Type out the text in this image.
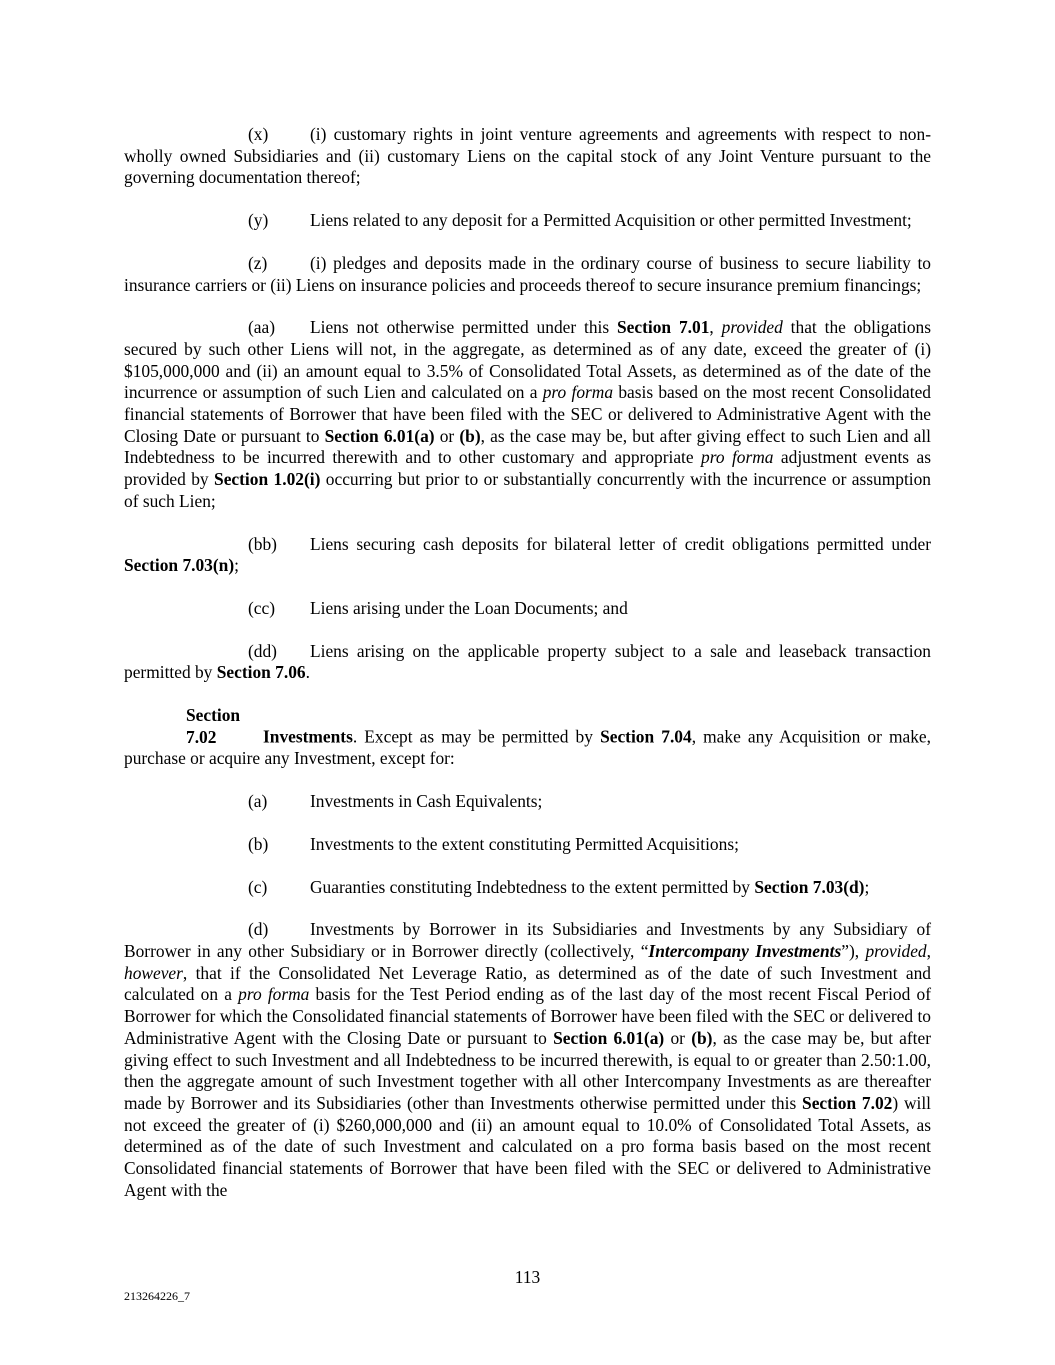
(x) (i) customary rights in joint venture agreements and agreements with respect to non-wholly owned Subsidiaries and (ii) customary Liens on the capital stock of any Joint Venture pursuant to the governing documentation thereof;

(y) Liens related to any deposit for a Permitted Acquisition or other permitted Investment;

(z) (i) pledges and deposits made in the ordinary course of business to secure liability to insurance carriers or (ii) Liens on insurance policies and proceeds thereof to secure insurance premium financings;

(aa) Liens not otherwise permitted under this Section 7.01, provided that the obligations secured by such other Liens will not, in the aggregate, as determined as of any date, exceed the greater of (i) $105,000,000 and (ii) an amount equal to 3.5% of Consolidated Total Assets, as determined as of the date of the incurrence or assumption of such Lien and calculated on a pro forma basis based on the most recent Consolidated financial statements of Borrower that have been filed with the SEC or delivered to Administrative Agent with the Closing Date or pursuant to Section 6.01(a) or (b), as the case may be, but after giving effect to such Lien and all Indebtedness to be incurred therewith and to other customary and appropriate pro forma adjustment events as provided by Section 1.02(i) occurring but prior to or substantially concurrently with the incurrence or assumption of such Lien;

(bb) Liens securing cash deposits for bilateral letter of credit obligations permitted under Section 7.03(n);

(cc) Liens arising under the Loan Documents; and

(dd) Liens arising on the applicable property subject to a sale and leaseback transaction permitted by Section 7.06.

Section 7.02	Investments. Except as may be permitted by Section 7.04, make any Acquisition or make, purchase or acquire any Investment, except for:

(a) Investments in Cash Equivalents;

(b) Investments to the extent constituting Permitted Acquisitions;

(c) Guaranties constituting Indebtedness to the extent permitted by Section 7.03(d);

(d) Investments by Borrower in its Subsidiaries and Investments by any Subsidiary of Borrower in any other Subsidiary or in Borrower directly (collectively, “Intercompany Investments”), provided, however, that if the Consolidated Net Leverage Ratio, as determined as of the date of such Investment and calculated on a pro forma basis for the Test Period ending as of the last day of the most recent Fiscal Period of Borrower for which the Consolidated financial statements of Borrower have been filed with the SEC or delivered to Administrative Agent with the Closing Date or pursuant to Section 6.01(a) or (b), as the case may be, but after giving effect to such Investment and all Indebtedness to be incurred therewith, is equal to or greater than 2.50:1.00, then the aggregate amount of such Investment together with all other Intercompany Investments as are thereafter made by Borrower and its Subsidiaries (other than Investments otherwise permitted under this Section 7.02) will not exceed the greater of (i) $260,000,000 and (ii) an amount equal to 10.0% of Consolidated Total Assets, as determined as of the date of such Investment and calculated on a pro forma basis based on the most recent Consolidated financial statements of Borrower that have been filed with the SEC or delivered to Administrative Agent with the

113
213264226_7
